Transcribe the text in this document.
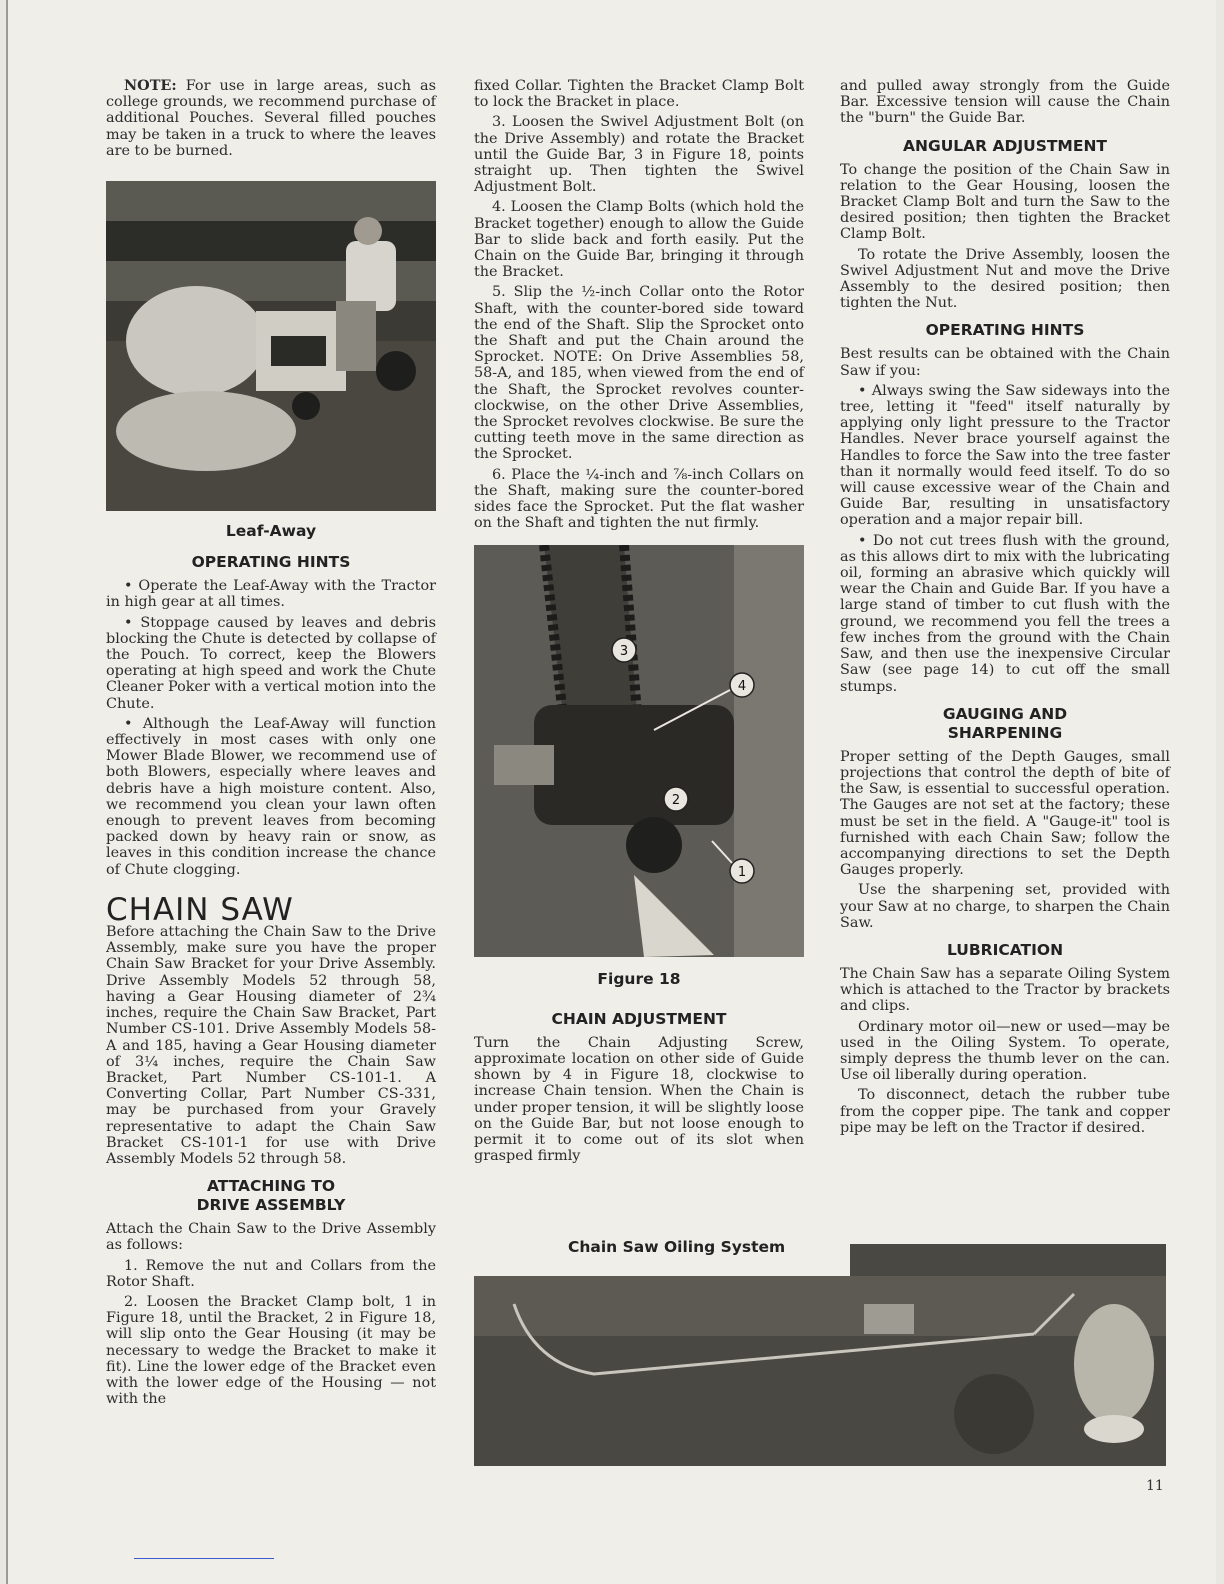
NOTE: For use in large areas, such as college grounds, we recommend purchase of additional Pouches. Several filled pouches may be taken in a truck to where the leaves are to be burned.

Leaf-Away
OPERATING HINTS

• Operate the Leaf-Away with the Tractor in high gear at all times.

• Stoppage caused by leaves and debris blocking the Chute is detected by collapse of the Pouch. To correct, keep the Blowers operating at high speed and work the Chute Cleaner Poker with a vertical motion into the Chute.

• Although the Leaf-Away will function effectively in most cases with only one Mower Blade Blower, we recommend use of both Blowers, especially where leaves and debris have a high moisture content. Also, we recommend you clean your lawn often enough to prevent leaves from becoming packed down by heavy rain or snow, as leaves in this condition increase the chance of Chute clogging.

CHAIN SAW

Before attaching the Chain Saw to the Drive Assembly, make sure you have the proper Chain Saw Bracket for your Drive Assembly. Drive Assembly Models 52 through 58, having a Gear Housing diameter of 2¾ inches, require the Chain Saw Bracket, Part Number CS-101. Drive Assembly Models 58-A and 185, having a Gear Housing diameter of 3¼ inches, require the Chain Saw Bracket, Part Number CS-101-1. A Converting Collar, Part Number CS-331, may be purchased from your Gravely representative to adapt the Chain Saw Bracket CS-101-1 for use with Drive Assembly Models 52 through 58.

ATTACHING TO DRIVE ASSEMBLY

Attach the Chain Saw to the Drive Assembly as follows:

1. Remove the nut and Collars from the Rotor Shaft.

2. Loosen the Bracket Clamp bolt, 1 in Figure 18, until the Bracket, 2 in Figure 18, will slip onto the Gear Housing (it may be necessary to wedge the Bracket to make it fit). Line the lower edge of the Bracket even with the lower edge of the Housing — not with the

fixed Collar. Tighten the Bracket Clamp Bolt to lock the Bracket in place.

3. Loosen the Swivel Adjustment Bolt (on the Drive Assembly) and rotate the Bracket until the Guide Bar, 3 in Figure 18, points straight up. Then tighten the Swivel Adjustment Bolt.

4. Loosen the Clamp Bolts (which hold the Bracket together) enough to allow the Guide Bar to slide back and forth easily. Put the Chain on the Guide Bar, bringing it through the Bracket.

5. Slip the ½-inch Collar onto the Rotor Shaft, with the counter-bored side toward the end of the Shaft. Slip the Sprocket onto the Shaft and put the Chain around the Sprocket. NOTE: On Drive Assemblies 58, 58-A, and 185, when viewed from the end of the Shaft, the Sprocket revolves counter-clockwise, on the other Drive Assemblies, the Sprocket revolves clockwise. Be sure the cutting teeth move in the same direction as the Sprocket.

6. Place the ¼-inch and ⅞-inch Collars on the Shaft, making sure the counter-bored sides face the Sprocket. Put the flat washer on the Shaft and tighten the nut firmly.

3
4
2
1
Figure 18
CHAIN ADJUSTMENT

Turn the Chain Adjusting Screw, approximate location on other side of Guide shown by 4 in Figure 18, clockwise to increase Chain tension. When the Chain is under proper tension, it will be slightly loose on the Guide Bar, but not loose enough to permit it to come out of its slot when grasped firmly

and pulled away strongly from the Guide Bar. Excessive tension will cause the Chain the "burn" the Guide Bar.

ANGULAR ADJUSTMENT

To change the position of the Chain Saw in relation to the Gear Housing, loosen the Bracket Clamp Bolt and turn the Saw to the desired position; then tighten the Bracket Clamp Bolt.

To rotate the Drive Assembly, loosen the Swivel Adjustment Nut and move the Drive Assembly to the desired position; then tighten the Nut.

OPERATING HINTS

Best results can be obtained with the Chain Saw if you:

• Always swing the Saw sideways into the tree, letting it "feed" itself naturally by applying only light pressure to the Tractor Handles. Never brace yourself against the Handles to force the Saw into the tree faster than it normally would feed itself. To do so will cause excessive wear of the Chain and Guide Bar, resulting in unsatisfactory operation and a major repair bill.

• Do not cut trees flush with the ground, as this allows dirt to mix with the lubricating oil, forming an abrasive which quickly will wear the Chain and Guide Bar. If you have a large stand of timber to cut flush with the ground, we recommend you fell the trees a few inches from the ground with the Chain Saw, and then use the inexpensive Circular Saw (see page 14) to cut off the small stumps.

GAUGING AND SHARPENING

Proper setting of the Depth Gauges, small projections that control the depth of bite of the Saw, is essential to successful operation. The Gauges are not set at the factory; these must be set in the field. A "Gauge-it" tool is furnished with each Chain Saw; follow the accompanying directions to set the Depth Gauges properly.

Use the sharpening set, provided with your Saw at no charge, to sharpen the Chain Saw.

LUBRICATION

The Chain Saw has a separate Oiling System which is attached to the Tractor by brackets and clips.

Ordinary motor oil—new or used—may be used in the Oiling System. To operate, simply depress the thumb lever on the can. Use oil liberally during operation.

To disconnect, detach the rubber tube from the copper pipe. The tank and copper pipe may be left on the Tractor if desired.

Chain Saw Oiling System
11
